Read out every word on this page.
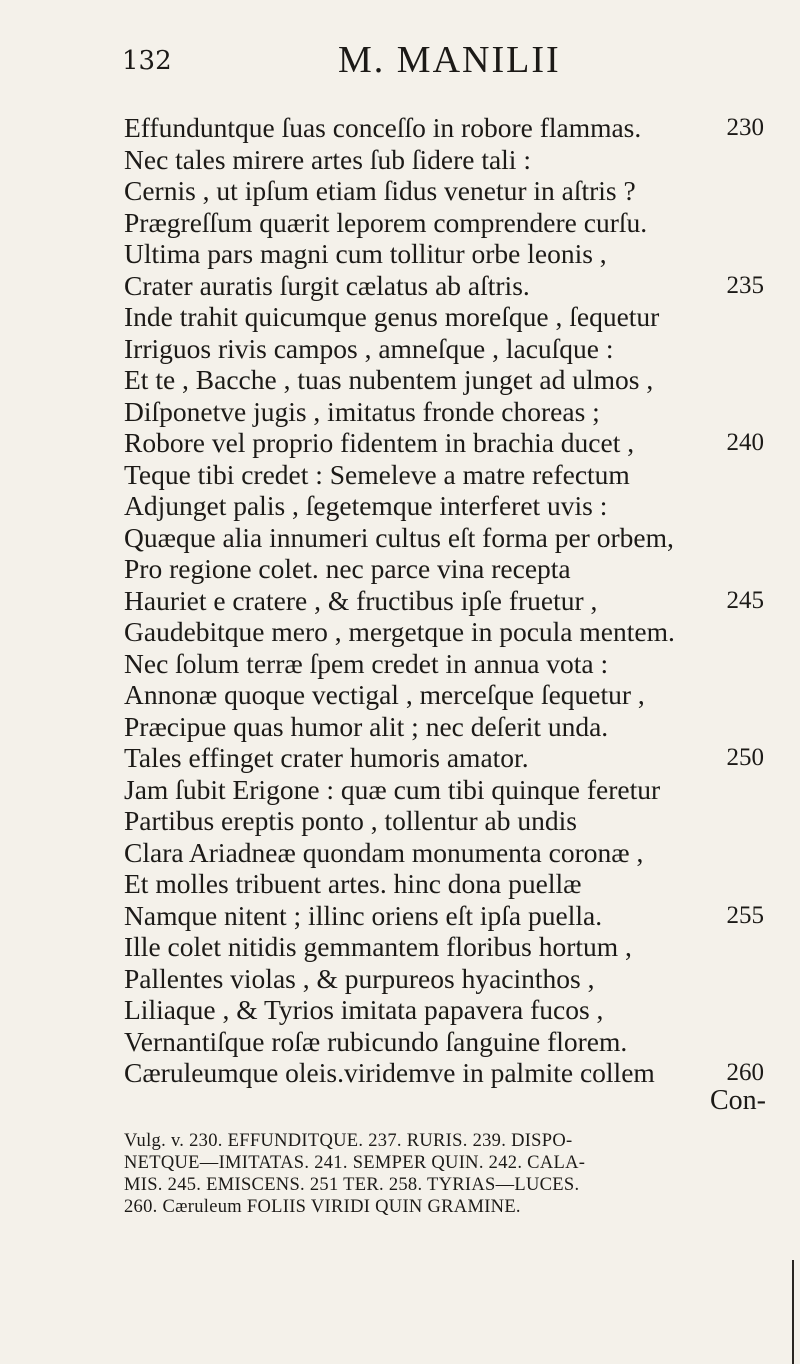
132	M. MANILII
Effunduntque ſuas conceſſo in robore flammas.	230
Nec tales mirere artes ſub ſidere tali :
Cernis , ut ipſum etiam ſidus venetur in aſtris ?
Prægreſſum quærit leporem comprendere curſu.
Ultima pars magni cum tollitur orbe leonis ,
Crater auratis ſurgit cælatus ab aſtris.	235
Inde trahit quicumque genus moreſque , ſequetur
Irriguos rivis campos , amneſque , lacuſque :
Et te , Bacche , tuas nubentem junget ad ulmos ,
Diſponetve jugis , imitatus fronde choreas ;
Robore vel proprio fidentem in brachia ducet ,	240
Teque tibi credet : Semeleve a matre refectum
Adjunget palis , ſegetemque interferet uvis :
Quæque alia innumeri cultus eſt forma per orbem,
Pro regione colet. nec parce vina recepta
Hauriet e cratere , & fructibus ipſe fruetur ,	245
Gaudebitque mero , mergetque in pocula mentem.
Nec ſolum terræ ſpem credet in annua vota :
Annonæ quoque vectigal , merceſque ſequetur ,
Præcipue quas humor alit ; nec deſerit unda.
Tales effinget crater humoris amator.	250
Jam ſubit Erigone : quæ cum tibi quinque feretur
Partibus ereptis ponto , tollentur ab undis
Clara Ariadneæ quondam monumenta coronæ ,
Et molles tribuent artes. hinc dona puellæ
Namque nitent ; illinc oriens eſt ipſa puella.	255
Ille colet nitidis gemmantem floribus hortum ,
Pallentes violas , & purpureos hyacinthos ,
Liliaque , & Tyrios imitata papavera fucos ,
Vernantiſque roſæ rubicundo ſanguine florem.
Cæruleumque oleis.viridemve in palmite collem	260
Con-
Vulg. v. 230. EFFUNDITQUE. 237. RURIS. 239. DISPO-
NETQUE—IMITATAS. 241. SEMPER QUIN. 242. CALA-
MIS. 245. EMISCENS. 251 TER. 258. TYRIAS—LUCES.
260. Cæruleum FOLIIS VIRIDI QUIN GRAMINE.
